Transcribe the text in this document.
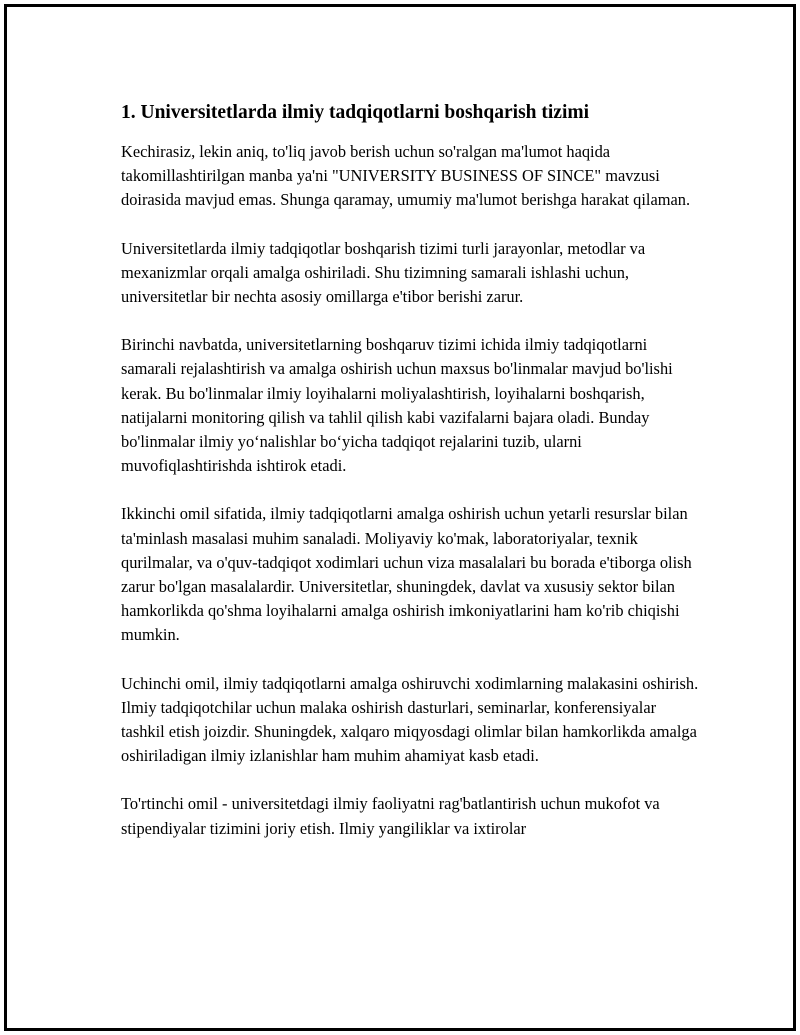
1. Universitetlarda ilmiy tadqiqotlarni boshqarish tizimi

Kechirasiz, lekin aniq, to'liq javob berish uchun so'ralgan ma'lumot haqida takomillashtirilgan manba ya'ni "UNIVERSITY BUSINESS OF SINCE" mavzusi doirasida mavjud emas. Shunga qaramay, umumiy ma'lumot berishga harakat qilaman.

Universitetlarda ilmiy tadqiqotlar boshqarish tizimi turli jarayonlar, metodlar va mexanizmlar orqali amalga oshiriladi. Shu tizimning samarali ishlashi uchun, universitetlar bir nechta asosiy omillarga e'tibor berishi zarur.

Birinchi navbatda, universitetlarning boshqaruv tizimi ichida ilmiy tadqiqotlarni samarali rejalashtirish va amalga oshirish uchun maxsus bo'linmalar mavjud bo'lishi kerak. Bu bo'linmalar ilmiy loyihalarni moliyalashtirish, loyihalarni boshqarish, natijalarni monitoring qilish va tahlil qilish kabi vazifalarni bajara oladi. Bunday bo'linmalar ilmiy yo‘nalishlar bo‘yicha tadqiqot rejalarini tuzib, ularni muvofiqlashtirishda ishtirok etadi.

Ikkinchi omil sifatida, ilmiy tadqiqotlarni amalga oshirish uchun yetarli resurslar bilan ta'minlash masalasi muhim sanaladi. Moliyaviy ko'mak, laboratoriyalar, texnik qurilmalar, va o'quv-tadqiqot xodimlari uchun viza masalalari bu borada e'tiborga olish zarur bo'lgan masalalardir. Universitetlar, shuningdek, davlat va xususiy sektor bilan hamkorlikda qo'shma loyihalarni amalga oshirish imkoniyatlarini ham ko'rib chiqishi mumkin.

Uchinchi omil, ilmiy tadqiqotlarni amalga oshiruvchi xodimlarning malakasini oshirish. Ilmiy tadqiqotchilar uchun malaka oshirish dasturlari, seminarlar, konferensiyalar tashkil etish joizdir. Shuningdek, xalqaro miqyosdagi olimlar bilan hamkorlikda amalga oshiriladigan ilmiy izlanishlar ham muhim ahamiyat kasb etadi.

To'rtinchi omil - universitetdagi ilmiy faoliyatni rag'batlantirish uchun mukofot va stipendiyalar tizimini joriy etish. Ilmiy yangiliklar va ixtirolar
